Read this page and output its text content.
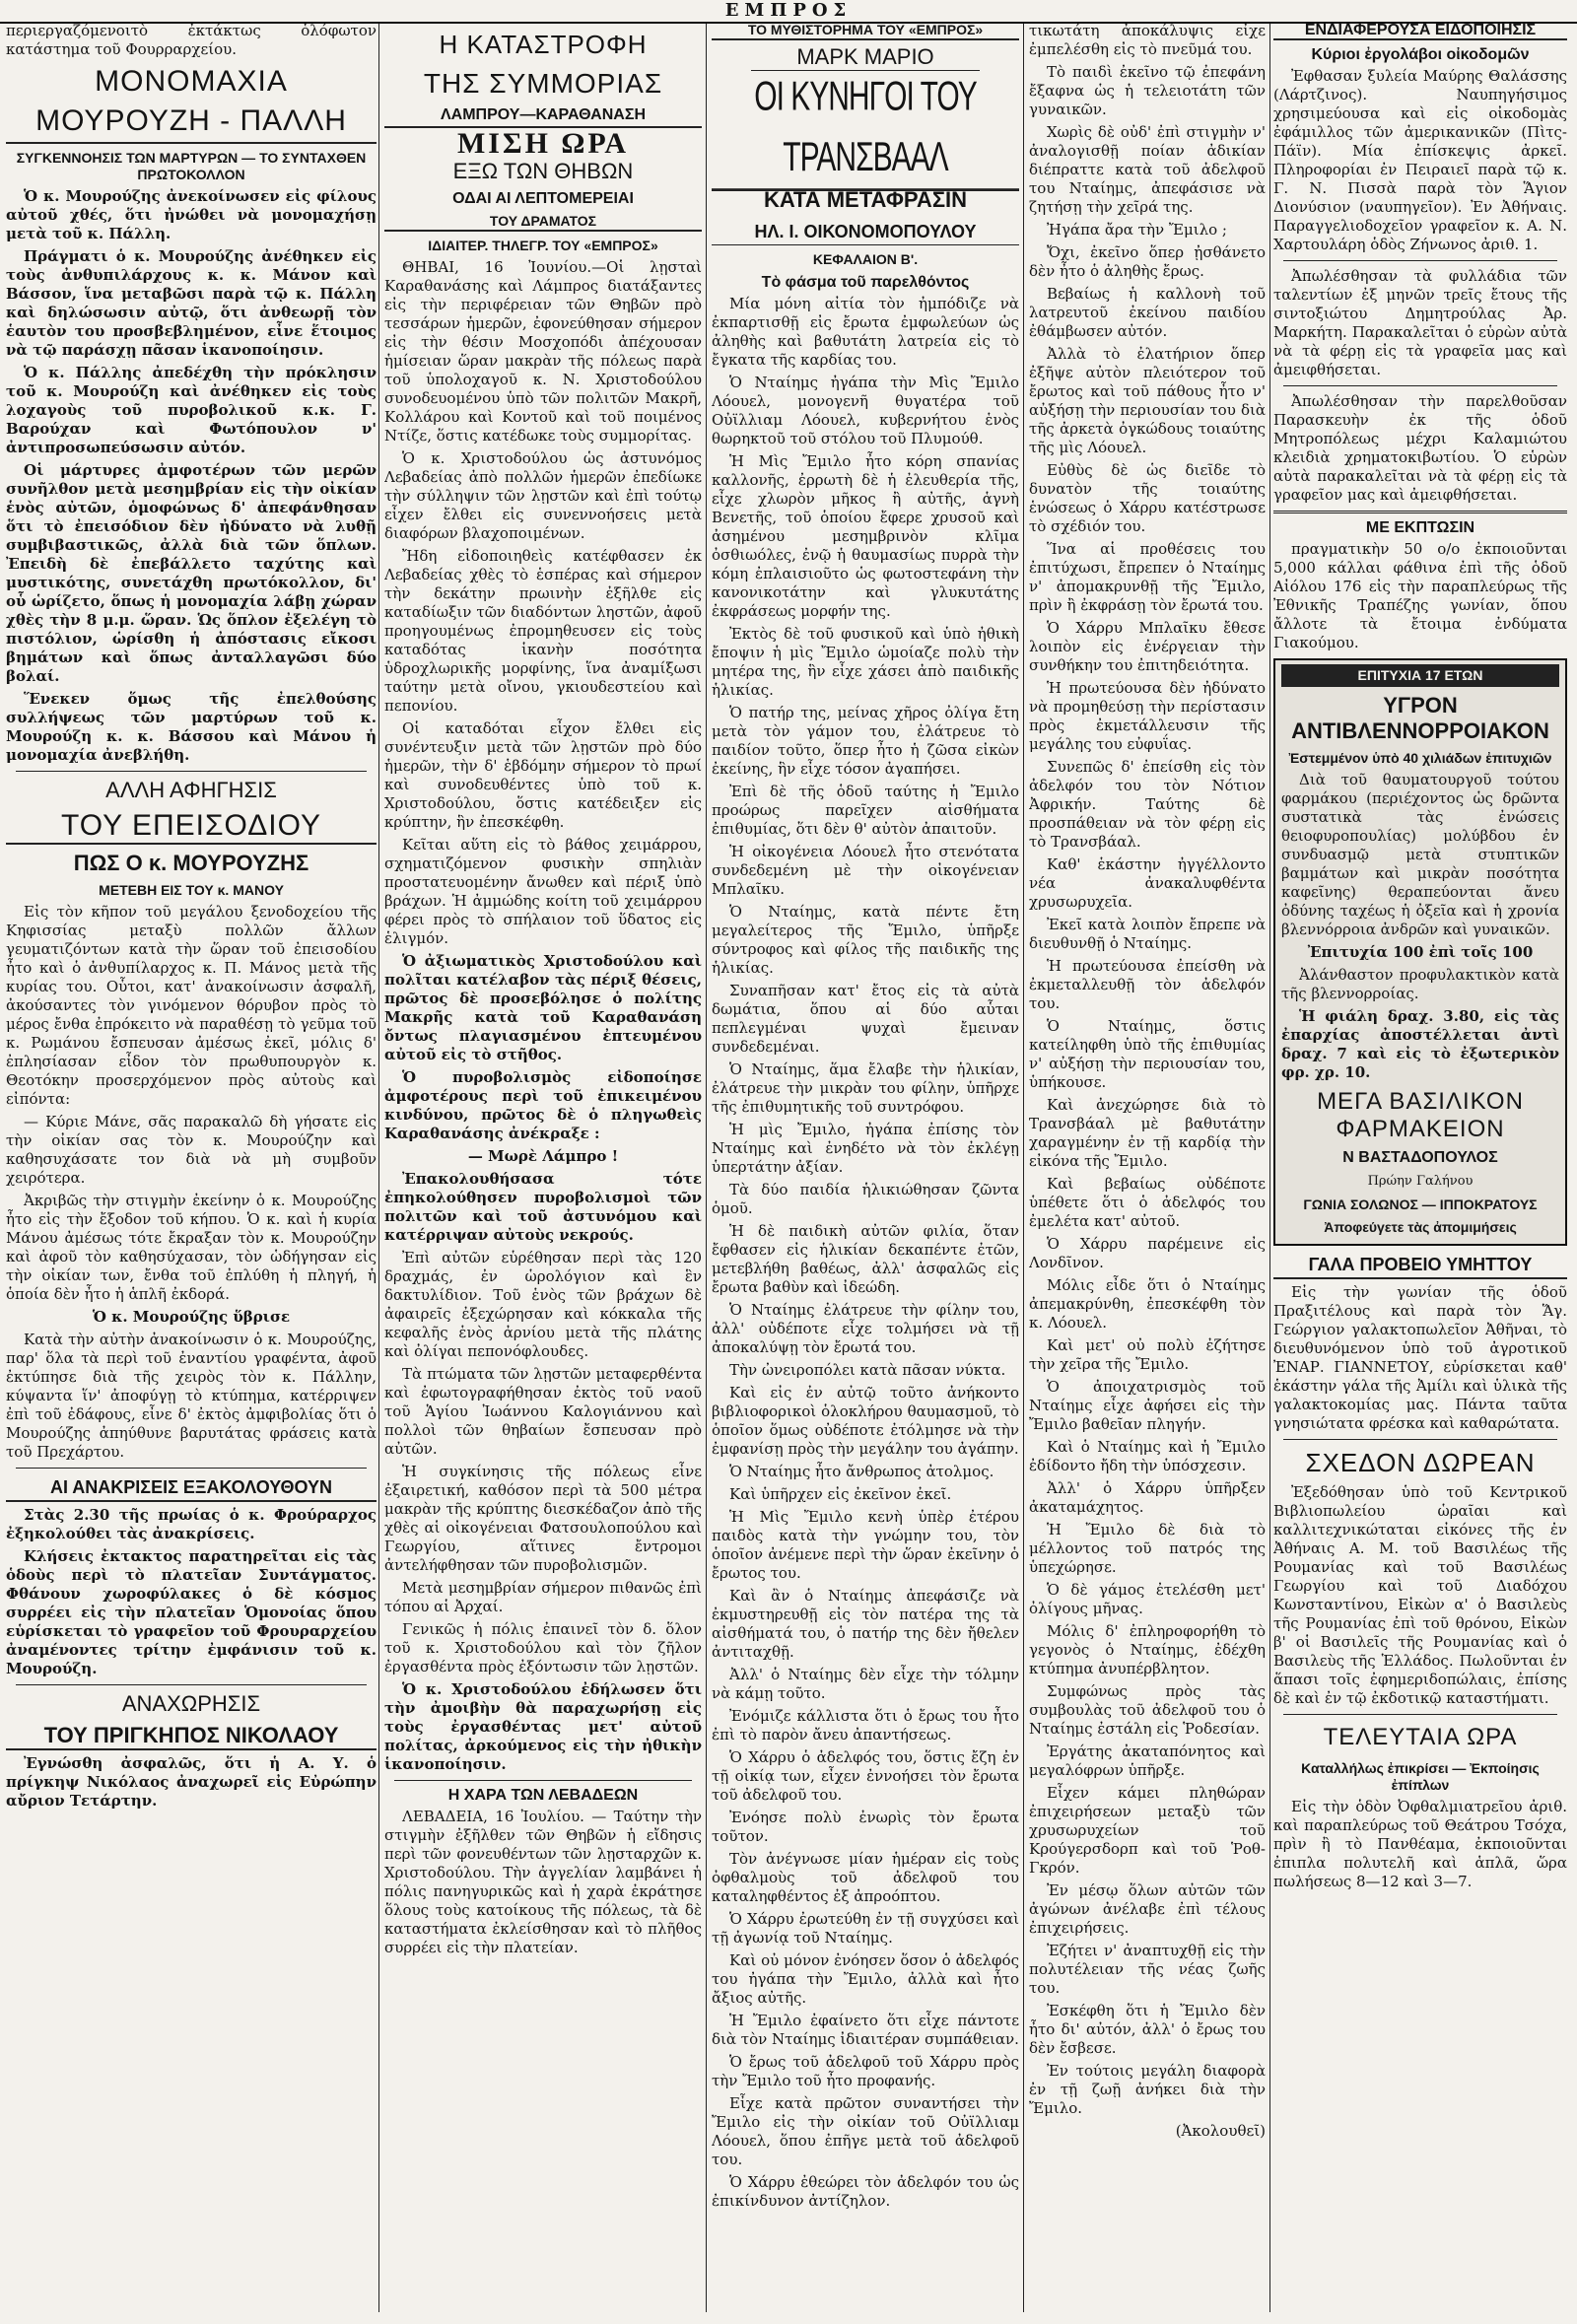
ΕΜΠΡΟΣ

περιεργαζόμενοιτὸ ἐκτάκτως ὁλόφωτον κατάστημα τοῦ Φουρραρχείου.

ΜΟΝΟΜΑΧΙΑ
ΜΟΥΡΟΥΖΗ - ΠΑΛΛΗ
ΣΥΓΚΕΝΝΟΗΣΙΣ ΤΩΝ ΜΑΡΤΥΡΩΝ — ΤΟ ΣΥΝΤΑΧΘΕΝ ΠΡΩΤΟΚΟΛΛΟΝ

Ὁ κ. Μουρούζης ἀνεκοίνωσεν εἰς φίλους αὐτοῦ χθές, ὅτι ἠνώθει νὰ μονομαχήσῃ μετὰ τοῦ κ. Πάλλη.

Πράγματι ὁ κ. Μουρούζης ἀνέθηκεν εἰς τοὺς ἀνθυπιλάρχους κ. κ. Μάνον καὶ Βάσσον, ἵνα μεταβῶσι παρὰ τῷ κ. Πάλλη καὶ δηλώσωσιν αὐτῷ, ὅτι ἀνθεωρῇ τὸν ἑαυτὸν του προσβεβλημένον, εἶνε ἕτοιμος νὰ τῷ παράσχῃ πᾶσαν ἱκανοποίησιν.

Ὁ κ. Πάλλης ἀπεδέχθη τὴν πρόκλησιν τοῦ κ. Μουρούζη καὶ ἀνέθηκεν εἰς τοὺς λοχαγοὺς τοῦ πυροβολικοῦ κ.κ. Γ. Βαρούχαν καὶ Φωτόπουλον ν' ἀντιπροσωπεύσωσιν αὐτόν.

Οἱ μάρτυρες ἀμφοτέρων τῶν μερῶν συνῆλθον μετὰ μεσημβρίαν εἰς τὴν οἰκίαν ἑνὸς αὐτῶν, ὁμοφώνως δ' ἀπεφάνθησαν ὅτι τὸ ἐπεισόδιον δὲν ἠδύνατο νὰ λυθῇ συμβιβαστικῶς, ἀλλὰ διὰ τῶν ὅπλων. Ἐπειδὴ δὲ ἐπεβάλλετο ταχύτης καὶ μυστικότης, συνετάχθη πρωτόκολλον, δι' οὗ ὡρίζετο, ὅπως ἡ μονομαχία λάβῃ χώραν χθὲς τὴν 8 μ.μ. ὥραν. Ὡς ὅπλον ἐξελέγη τὸ πιστόλιον, ὡρίσθη ἡ ἀπόστασις εἴκοσι βημάτων καὶ ὅπως ἀνταλλαγῶσι δύο βολαί.

Ἕνεκεν ὅμως τῆς ἐπελθούσης συλλήψεως τῶν μαρτύρων τοῦ κ. Μουρούζη κ. κ. Βάσσου καὶ Μάνου ἡ μονομαχία ἀνεβλήθη.

ΑΛΛΗ ΑΦΗΓΗΣΙΣ
ΤΟΥ ΕΠΕΙΣΟΔΙΟΥ
ΠΩΣ Ο κ. ΜΟΥΡΟΥΖΗΣ
ΜΕΤΕΒΗ ΕΙΣ ΤΟΥ κ. ΜΑΝΟΥ

Εἰς τὸν κῆπον τοῦ μεγάλου ξενοδοχείου τῆς Κηφισσίας μεταξὺ πολλῶν ἄλλων γευματιζόντων κατὰ τὴν ὥραν τοῦ ἐπεισοδίου ἦτο καὶ ὁ ἀνθυπίλαρχος κ. Π. Μάνος μετὰ τῆς κυρίας του. Οὗτοι, κατ' ἀνακοίνωσιν ἀσφαλῆ, ἀκούσαντες τὸν γινόμενον θόρυβον πρὸς τὸ μέρος ἔνθα ἐπρόκειτο νὰ παραθέσῃ τὸ γεῦμα τοῦ κ. Ρωμάνου ἔσπευσαν ἀμέσως ἐκεῖ, μόλις δ' ἐπλησίασαν εἶδον τὸν πρωθυπουργὸν κ. Θεοτόκην προσερχόμενον πρὸς αὐτοὺς καὶ εἰπόντα:

— Κύριε Μάνε, σᾶς παρακαλῶ δὴ γήσατε εἰς τὴν οἰκίαν σας τὸν κ. Μουρούζην καὶ καθησυχάσατε τον διὰ νὰ μὴ συμβοῦν χειρότερα.

Ἀκριβῶς τὴν στιγμὴν ἐκείνην ὁ κ. Μουρούζης ἦτο εἰς τὴν ἔξοδον τοῦ κήπου. Ὁ κ. καὶ ἡ κυρία Μάνου ἀμέσως τότε ἔκραξαν τὸν κ. Μουρούζην καὶ ἀφοῦ τὸν καθησύχασαν, τὸν ὡδήγησαν εἰς τὴν οἰκίαν των, ἔνθα τοῦ ἐπλύθη ἡ πληγή, ἡ ὁποία δὲν ἦτο ἡ ἁπλῆ ἐκδορά.

Ὁ κ. Μουρούζης ὕβρισε

Κατὰ τὴν αὐτὴν ἀνακοίνωσιν ὁ κ. Μουρούζης, παρ' ὅλα τὰ περὶ τοῦ ἐναντίου γραφέντα, ἀφοῦ ἐκτύπησε διὰ τῆς χειρὸς τὸν κ. Πάλλην, κύψαντα ἵν' ἀποφύγῃ τὸ κτύπημα, κατέρριψεν ἐπὶ τοῦ ἐδάφους, εἶνε δ' ἐκτὸς ἀμφιβολίας ὅτι ὁ Μουρούζης ἀπηύθυνε βαρυτάτας φράσεις κατὰ τοῦ Πρεχάρτου.

ΑΙ ΑΝΑΚΡΙΣΕΙΣ ΕΞΑΚΟΛΟΥΘΟΥΝ

Στὰς 2.30 τῆς πρωίας ὁ κ. Φρούραρχος ἐξηκολούθει τὰς ἀνακρίσεις.

Κλήσεις ἐκτακτος παρατηρεῖται εἰς τὰς ὁδοὺς περὶ τὸ πλατεῖαν Συντάγματος. Φθάνουν χωροφύλακες ὁ δὲ κόσμος συρρέει εἰς τὴν πλατεῖαν Ὁμονοίας ὅπου εὑρίσκεται τὸ γραφεῖον τοῦ Φρουραρχείου ἀναμένοντες τρίτην ἐμφάνισιν τοῦ κ. Μουρούζη.

ΑΝΑΧΩΡΗΣΙΣ
ΤΟΥ ΠΡΙΓΚΗΠΟΣ ΝΙΚΟΛΑΟΥ

Ἐγνώσθη ἀσφαλῶς, ὅτι ἡ Α. Υ. ὁ πρίγκηψ Νικόλαος ἀναχωρεῖ εἰς Εὐρώπην αὔριον Τετάρτην.

Η ΚΑΤΑΣΤΡΟΦΗ
ΤΗΣ ΣΥΜΜΟΡΙΑΣ
ΛΑΜΠΡΟΥ—ΚΑΡΑΘΑΝΑΣΗ
ΜΙΣΗ ΩΡΑ
ΕΞΩ ΤΩΝ ΘΗΒΩΝ
ΟΔΑΙ ΑΙ ΛΕΠΤΟΜΕΡΕΙΑΙ
ΤΟΥ ΔΡΑΜΑΤΟΣ
ΙΔΙΑΙΤΕΡ. ΤΗΛΕΓΡ. ΤΟΥ «ΕΜΠΡΟΣ»

ΘΗΒΑΙ, 16 Ἰουνίου.—Οἱ λῃσταὶ Καραθανάσης καὶ Λάμπρος διατάξαντες εἰς τὴν περιφέρειαν τῶν Θηβῶν πρὸ τεσσάρων ἡμερῶν, ἐφονεύθησαν σήμερον εἰς τὴν θέσιν Μοσχοπόδι ἀπέχουσαν ἡμίσειαν ὥραν μακρὰν τῆς πόλεως παρὰ τοῦ ὑπολοχαγοῦ κ. Ν. Χριστοδούλου συνοδευομένου ὑπὸ τῶν πολιτῶν Μακρῆ, Κολλάρου καὶ Κοντοῦ καὶ τοῦ ποιμένος Ντίζε, ὅστις κατέδωκε τοὺς συμμορίτας.

Ὁ κ. Χριστοδούλου ὡς ἀστυνόμος Λεβαδείας ἀπὸ πολλῶν ἡμερῶν ἐπεδίωκε τὴν σύλληψιν τῶν λῃστῶν καὶ ἐπὶ τούτῳ εἶχεν ἔλθει εἰς συνεννοήσεις μετὰ διαφόρων βλαχοποιμένων.

Ἤδη εἰδοποιηθεὶς κατέφθασεν ἐκ Λεβαδείας χθὲς τὸ ἑσπέρας καὶ σήμερον τὴν δεκάτην πρωινὴν ἐξῆλθε εἰς καταδίωξιν τῶν διαδόντων ληστῶν, ἀφοῦ προηγουμένως ἐπρομηθευσεν εἰς τοὺς καταδότας ἱκανὴν ποσότητα ὑδροχλωρικῆς μορφίνης, ἵνα ἀναμίξωσι ταύτην μετὰ οἴνου, γκιουδεστείου καὶ πεπονίου.

Οἱ καταδόται εἶχον ἔλθει εἰς συνέντευξιν μετὰ τῶν λῃστῶν πρὸ δύο ἡμερῶν, τὴν δ' ἑβδόμην σήμερον τὸ πρωί καὶ συνοδευθέντες ὑπὸ τοῦ κ. Χριστοδούλου, ὅστις κατέδειξεν εἰς κρύπτην, ἣν ἐπεσκέφθη.

Κεῖται αὕτη εἰς τὸ βάθος χειμάρρου, σχηματιζόμενον φυσικὴν σπηλιὰν προστατευομένην ἄνωθεν καὶ πέριξ ὑπὸ βράχων. Ἡ ἀμμώδης κοίτη τοῦ χειμάρρου φέρει πρὸς τὸ σπήλαιον τοῦ ὕδατος εἰς ἑλιγμόν.

Ὁ ἀξιωματικὸς Χριστοδούλου καὶ πολῖται κατέλαβον τὰς πέριξ θέσεις, πρῶτος δὲ προσεβόλησε ὁ πολίτης Μακρῆς κατὰ τοῦ Καραθανάση ὄντως πλαγιασμένου ἐπτευμένου αὐτοῦ εἰς τὸ στῆθος.

Ὁ πυροβολισμὸς εἰδοποίησε ἀμφοτέρους περὶ τοῦ ἐπικειμένου κινδύνου, πρῶτος δὲ ὁ πληγωθεὶς Καραθανάσης ἀνέκραξε :

— Μωρὲ Λάμπρο !

Ἐπακολουθήσασα τότε ἐπηκολούθησεν πυροβολισμοὶ τῶν πολιτῶν καὶ τοῦ ἀστυνόμου καὶ κατέρριψαν αὐτοὺς νεκρούς.

Ἐπὶ αὐτῶν εὑρέθησαν περὶ τὰς 120 δραχμάς, ἐν ὡρολόγιον καὶ ἓν δακτυλίδιον. Τοῦ ἑνὸς τῶν βράχων δὲ ἀφαιρεῖς ἐξεχώρησαν καὶ κόκκαλα τῆς κεφαλῆς ἑνὸς ἀρνίου μετὰ τῆς πλάτης καὶ ὀλίγαι πεπονόφλουδες.

Τὰ πτώματα τῶν λῃστῶν μεταφερθέντα καὶ ἐφωτογραφήθησαν ἐκτὸς τοῦ ναοῦ τοῦ Ἁγίου Ἰωάννου Καλογιάννου καὶ πολλοὶ τῶν θηβαίων ἔσπευσαν πρὸ αὐτῶν.

Ἡ συγκίνησις τῆς πόλεως εἶνε ἐξαιρετική, καθόσον περὶ τὰ 500 μέτρα μακρὰν τῆς κρύπτης διεσκέδαζον ἀπὸ τῆς χθὲς αἱ οἰκογένειαι Φατσουλοπούλου καὶ Γεωργίου, αἵτινες ἔντρομοι ἀντελήφθησαν τῶν πυροβολισμῶν.

Μετὰ μεσημβρίαν σήμερον πιθανῶς ἐπὶ τόπου αἱ Ἀρχαί.

Γενικῶς ἡ πόλις ἐπαινεῖ τὸν δ. ὅλον τοῦ κ. Χριστοδούλου καὶ τὸν ζῆλον ἐργασθέντα πρὸς ἐξόντωσιν τῶν λῃστῶν.

Ὁ κ. Χριστοδούλου ἐδήλωσεν ὅτι τὴν ἀμοιβὴν θὰ παραχωρήσῃ εἰς τοὺς ἐργασθέντας μετ' αὐτοῦ πολίτας, ἀρκούμενος εἰς τὴν ἠθικὴν ἱκανοποίησιν.

Η ΧΑΡΑ ΤΩΝ ΛΕΒΑΔΕΩΝ

ΛΕΒΑΔΕΙΑ, 16 Ἰουλίου. — Ταύτην τὴν στιγμὴν ἐξῆλθεν τῶν Θηβῶν ἡ εἴδησις περὶ τῶν φονευθέντων τῶν λῃσταρχῶν κ. Χριστοδούλου. Τὴν ἀγγελίαν λαμβάνει ἡ πόλις πανηγυρικῶς καὶ ἡ χαρὰ ἐκράτησε ὅλους τοὺς κατοίκους τῆς πόλεως, τὰ δὲ καταστήματα ἐκλείσθησαν καὶ τὸ πλῆθος συρρέει εἰς τὴν πλατείαν.

ΤΟ ΜΥΘΙΣΤΟΡΗΜΑ ΤΟΥ «ΕΜΠΡΟΣ»
ΜΑΡΚ ΜΑΡΙΟ
ΟΙ ΚΥΝΗΓΟΙ ΤΟΥ ΤΡΑΝΣΒΑΑΛ
ΚΑΤΑ ΜΕΤΑΦΡΑΣΙΝ
ΗΛ. Ι. ΟΙΚΟΝΟΜΟΠΟΥΛΟΥ
ΚΕΦΑΛΑΙΟΝ Β'.
Τὸ φάσμα τοῦ παρελθόντος

Μία μόνη αἰτία τὸν ἠμπόδιζε νὰ ἐκπαρτισθῇ εἰς ἔρωτα ἐμφωλεύων ὡς ἀληθὴς καὶ βαθυτάτη λατρεία εἰς τὸ ἔγκατα τῆς καρδίας του.

Ὁ Νταίημς ἠγάπα τὴν Μὶς Ἔμιλο Λόουελ, μονογενῆ θυγατέρα τοῦ Οὐϊλλιαμ Λόουελ, κυβερνήτου ἑνὸς θωρηκτοῦ τοῦ στόλου τοῦ Πλυμούθ.

Ἡ Μὶς Ἔμιλο ἦτο κόρη σπανίας καλλονῆς, ἐρρωτὴ δὲ ἡ ἐλευθερία τῆς, εἶχε χλωρὸν μῆκος ἢ αὐτῆς, ἁγνὴ Βενετῆς, τοῦ ὁποίου ἔφερε χρυσοῦ καὶ ἀσημένου μεσημβρινὸν κλῖμα ὀσθιωόλες, ἐνῷ ἡ θαυμασίως πυρρὰ τὴν κόμη ἐπλαισιοῦτο ὡς φωτοστεφάνη τὴν κανονικοτάτην καὶ γλυκυτάτης ἐκφράσεως μορφήν της.

Ἐκτὸς δὲ τοῦ φυσικοῦ καὶ ὑπὸ ἠθικὴ ἔποψιν ἡ μὶς Ἔμιλο ὡμοίαζε πολὺ τὴν μητέρα της, ἣν εἶχε χάσει ἀπὸ παιδικῆς ἡλικίας.

Ὁ πατήρ της, μείνας χῆρος ὀλίγα ἔτη μετὰ τὸν γάμον του, ἐλάτρευε τὸ παιδίον τοῦτο, ὅπερ ἦτο ἡ ζῶσα εἰκὼν ἐκείνης, ἣν εἶχε τόσον ἀγαπήσει.

Ἐπὶ δὲ τῆς ὁδοῦ ταύτης ἡ Ἔμιλο προώρως παρεῖχεν αἰσθήματα ἐπιθυμίας, ὅτι δὲν θ' αὐτὸν ἀπαιτοῦν.

Ἡ οἰκογένεια Λόουελ ἦτο στενότατα συνδεδεμένη μὲ τὴν οἰκογένειαν Μπλαῖκυ.

Ὁ Νταίημς, κατὰ πέντε ἔτη μεγαλείτερος τῆς Ἔμιλο, ὑπῆρξε σύντροφος καὶ φίλος τῆς παιδικῆς της ἡλικίας.

Συναπῆσαν κατ' ἔτος εἰς τὰ αὐτὰ δωμάτια, ὅπου αἱ δύο αὗται πεπλεγμέναι ψυχαὶ ἔμειναν συνδεδεμέναι.

Ὁ Νταίημς, ἅμα ἔλαβε τὴν ἡλικίαν, ἐλάτρευε τὴν μικρὰν του φίλην, ὑπῆρχε τῆς ἐπιθυμητικῆς τοῦ συντρόφου.

Ἡ μὶς Ἔμιλο, ἠγάπα ἐπίσης τὸν Νταίημς καὶ ἐνηδέτο νὰ τὸν ἐκλέγῃ ὑπερτάτην ἀξίαν.

Τὰ δύο παιδία ἡλικιώθησαν ζῶντα ὁμοῦ.

Ἡ δὲ παιδικὴ αὐτῶν φιλία, ὅταν ἔφθασεν εἰς ἡλικίαν δεκαπέντε ἐτῶν, μετεβλήθη βαθέως, ἀλλ' ἀσφαλῶς εἰς ἔρωτα βαθὺν καὶ ἰδεώδη.

Ὁ Νταίημς ἐλάτρευε τὴν φίλην του, ἀλλ' οὐδέποτε εἶχε τολμήσει νὰ τῇ ἀποκαλύψῃ τὸν ἔρωτά του.

Τὴν ὠνειροπόλει κατὰ πᾶσαν νύκτα.

Καὶ εἰς ἐν αὐτῷ τοῦτο ἀνήκοντο βιβλιοφορικοὶ ὁλοκλήρου θαυμασμοῦ, τὸ ὁποῖον ὅμως οὐδέποτε ἐτόλμησε νὰ τὴν ἐμφανίσῃ πρὸς τὴν μεγάλην του ἀγάπην.

Ὁ Νταίημς ἦτο ἄνθρωπος ἀτολμος.

Καὶ ὑπῆρχεν εἰς ἐκεῖνον ἐκεῖ.

Ἡ Μὶς Ἔμιλο κενὴ ὑπὲρ ἐτέρου παιδὸς κατὰ τὴν γνώμην του, τὸν ὁποῖον ἀνέμενε περὶ τὴν ὥραν ἐκεῖνην ὁ ἔρωτος του.

Καὶ ἂν ὁ Νταίημς ἀπεφάσιζε νὰ ἐκμυστηρευθῇ εἰς τὸν πατέρα της τὰ αἰσθήματά του, ὁ πατήρ της δὲν ἤθελεν ἀντιταχθῇ.

Ἀλλ' ὁ Νταίημς δὲν εἶχε τὴν τόλμην νὰ κάμῃ τοῦτο.

Ἐνόμιζε κάλλιστα ὅτι ὁ ἔρως του ἦτο ἐπὶ τὸ παρὸν ἄνευ ἀπαντήσεως.

Ὁ Χάρρυ ὁ ἀδελφός του, ὅστις ἔζη ἐν τῇ οἰκίᾳ των, εἶχεν ἐννοήσει τὸν ἔρωτα τοῦ ἀδελφοῦ του.

Ἐνόησε πολὺ ἐνωρὶς τὸν ἔρωτα τοῦτον.

Τὸν ἀνέγνωσε μίαν ἡμέραν εἰς τοὺς ὀφθαλμοὺς τοῦ ἀδελφοῦ του καταληφθέντος ἐξ ἀπροόπτου.

Ὁ Χάρρυ ἐρωτεύθη ἐν τῇ συγχύσει καὶ τῇ ἀγωνίᾳ τοῦ Νταίημς.

Καὶ οὐ μόνον ἐνόησεν ὅσον ὁ ἀδελφός του ἠγάπα τὴν Ἔμιλο, ἀλλὰ καὶ ἦτο ἄξιος αὐτῆς.

Ἡ Ἔμιλο ἐφαίνετο ὅτι εἶχε πάντοτε διὰ τὸν Νταίημς ἰδιαιτέραν συμπάθειαν.

Ὁ ἔρως τοῦ ἀδελφοῦ τοῦ Χάρρυ πρὸς τὴν Ἔμιλο τοῦ ἦτο προφανής.

Εἶχε κατὰ πρῶτον συναντήσει τὴν Ἔμιλο εἰς τὴν οἰκίαν τοῦ Οὐϊλλιαμ Λόουελ, ὅπου ἐπῆγε μετὰ τοῦ ἀδελφοῦ του.

Ὁ Χάρρυ ἐθεώρει τὸν ἀδελφόν του ὡς ἐπικίνδυνον ἀντίζηλον.

τικωτάτη ἀποκάλυψις εἶχε ἐμπελέσθη εἰς τὸ πνεῦμά του.

Τὸ παιδὶ ἐκεῖνο τῷ ἐπεφάνη ἔξαφνα ὡς ἡ τελειοτάτη τῶν γυναικῶν.

Χωρὶς δὲ οὐδ' ἐπὶ στιγμὴν ν' ἀναλογισθῇ ποίαν ἀδικίαν διέπραττε κατὰ τοῦ ἀδελφοῦ του Νταίημς, ἀπεφάσισε νὰ ζητήσῃ τὴν χεῖρά της.

Ἠγάπα ἄρα τὴν Ἔμιλο ;

Ὄχι, ἐκεῖνο ὅπερ ᾐσθάνετο δὲν ἦτο ὁ ἀληθὴς ἔρως.

Βεβαίως ἡ καλλονὴ τοῦ λατρευτοῦ ἐκείνου παιδίου ἐθάμβωσεν αὐτόν.

Ἀλλὰ τὸ ἐλατήριον ὅπερ ἐξῆψε αὐτὸν πλειότερον τοῦ ἔρωτος καὶ τοῦ πάθους ἦτο ν' αὐξήσῃ τὴν περιουσίαν του διὰ τῆς ἀρκετὰ ὀγκώδους τοιαύτης τῆς μὶς Λόουελ.

Εὐθὺς δὲ ὡς διεῖδε τὸ δυνατὸν τῆς τοιαύτης ἑνώσεως ὁ Χάρρυ κατέστρωσε τὸ σχέδιόν του.

Ἵνα αἱ προθέσεις του ἐπιτύχωσι, ἔπρεπεν ὁ Νταίημς ν' ἀπομακρυνθῇ τῆς Ἔμιλο, πρὶν ἢ ἐκφράσῃ τὸν ἔρωτά του.

Ὁ Χάρρυ Μπλαῖκυ ἔθεσε λοιπὸν εἰς ἐνέργειαν τὴν συνθήκην του ἐπιτηδειότητα.

Ἡ πρωτεύουσα δὲν ἠδύνατο νὰ προμηθεύσῃ τὴν περίστασιν πρὸς ἐκμετάλλευσιν τῆς μεγάλης του εὐφυΐας.

Συνεπῶς δ' ἐπείσθη εἰς τὸν ἀδελφόν του τὸν Νότιον Ἀφρικήν. Ταύτης δὲ προσπάθειαν νὰ τὸν φέρῃ εἰς τὸ Τρανσβάαλ.

Καθ' ἑκάστην ἠγγέλλοντο νέα ἀνακαλυφθέντα χρυσωρυχεῖα.

Ἐκεῖ κατὰ λοιπὸν ἔπρεπε νὰ διευθυνθῇ ὁ Νταίημς.

Ἡ πρωτεύουσα ἐπείσθη νὰ ἐκμεταλλευθῇ τὸν ἀδελφόν του.

Ὁ Νταίημς, ὅστις κατείληφθη ὑπὸ τῆς ἐπιθυμίας ν' αὐξήσῃ τὴν περιουσίαν του, ὑπήκουσε.

Καὶ ἀνεχώρησε διὰ τὸ Τρανσβάαλ μὲ βαθυτάτην χαραγμένην ἐν τῇ καρδίᾳ τὴν εἰκόνα τῆς Ἔμιλο.

Καὶ βεβαίως οὐδέποτε ὑπέθετε ὅτι ὁ ἀδελφός του ἐμελέτα κατ' αὐτοῦ.

Ὁ Χάρρυ παρέμεινε εἰς Λονδῖνον.

Μόλις εἶδε ὅτι ὁ Νταίημς ἀπεμακρύνθη, ἐπεσκέφθη τὸν κ. Λόουελ.

Καὶ μετ' οὐ πολὺ ἐζήτησε τὴν χεῖρα τῆς Ἔμιλο.

Ὁ ἀποιχατρισμὸς τοῦ Νταίημς εἶχε ἀφήσει εἰς τὴν Ἔμιλο βαθεῖαν πληγήν.

Καὶ ὁ Νταίημς καὶ ἡ Ἔμιλο ἐδίδοντο ἤδη τὴν ὑπόσχεσιν.

Ἀλλ' ὁ Χάρρυ ὑπῆρξεν ἀκαταμάχητος.

Ἡ Ἔμιλο δὲ διὰ τὸ μέλλοντος τοῦ πατρός της ὑπεχώρησε.

Ὁ δὲ γάμος ἐτελέσθη μετ' ὀλίγους μῆνας.

Μόλις δ' ἐπληροφορήθη τὸ γεγονὸς ὁ Νταίημς, ἐδέχθη κτύπημα ἀνυπέρβλητον.

Συμφώνως πρὸς τὰς συμβουλὰς τοῦ ἀδελφοῦ του ὁ Νταίημς ἐστάλη εἰς Ῥοδεσίαν.

Ἐργάτης ἀκαταπόνητος καὶ μεγαλόφρων ὑπῆρξε.

Εἶχεν κάμει πληθώραν ἐπιχειρήσεων μεταξὺ τῶν χρυσωρυχείων τοῦ Κρούγερσδορπ καὶ τοῦ Ῥοθ-Γκρόν.

Ἐν μέσῳ ὅλων αὐτῶν τῶν ἀγώνων ἀνέλαβε ἐπὶ τέλους ἐπιχειρήσεις.

Ἐζήτει ν' ἀναπτυχθῇ εἰς τὴν πολυτέλειαν τῆς νέας ζωῆς του.

Ἐσκέφθη ὅτι ἡ Ἔμιλο δὲν ἦτο δι' αὐτόν, ἀλλ' ὁ ἔρως του δὲν ἔσβεσε.

Ἐν τούτοις μεγάλη διαφορὰ ἐν τῇ ζωῇ ἀνήκει διὰ τὴν Ἔμιλο.

(Ἀκολουθεῖ)

ΕΝΔΙΑΦΕΡΟΥΣΑ ΕΙΔΟΠΟΙΗΣΙΣ
Κύριοι ἐργολάβοι οἰκοδομῶν

Ἐφθασαν ξυλεία Μαύρης Θαλάσσης (Λάρτζινος). Ναυπηγήσιμος χρησιμεύουσα καὶ εἰς οἰκοδομὰς ἐφάμιλλος τῶν ἀμερικανικῶν (Πὶτς-Πάϊν). Μία ἐπίσκεψις ἀρκεῖ. Πληροφορίαι ἐν Πειραιεῖ παρὰ τῷ κ. Γ. Ν. Πισσὰ παρὰ τὸν Ἅγιον Διονύσιον (ναυπηγεῖον). Ἐν Ἀθήναις. Παραγγελιοδοχεῖον γραφεῖον κ. Α. Ν. Χαρτουλάρη ὁδὸς Ζήνωνος ἀριθ. 1.

Ἀπωλέσθησαν τὰ φυλλάδια τῶν ταλεντίων ἐξ μηνῶν τρεῖς ἔτους τῆς σιντοξιώτου Δημητρούλας Ἀρ. Μαρκήτη. Παρακαλεῖται ὁ εὑρὼν αὐτὰ νὰ τὰ φέρῃ εἰς τὰ γραφεῖα μας καὶ ἀμειφθήσεται.

Ἀπωλέσθησαν τὴν παρελθοῦσαν Παρασκευὴν ἐκ τῆς ὁδοῦ Μητροπόλεως μέχρι Καλαμιώτου κλειδιὰ χρηματοκιβωτίου. Ὁ εὑρὼν αὐτὰ παρακαλεῖται νὰ τὰ φέρῃ εἰς τὰ γραφεῖον μας καὶ ἀμειφθήσεται.

ΜΕ ΕΚΠΤΩΣΙΝ

πραγματικὴν 50 ο/ο ἐκποιοῦνται 5,000 κάλλαι φάθινα ἐπὶ τῆς ὁδοῦ Αἰόλου 176 εἰς τὴν παραπλεύρως τῆς Ἐθνικῆς Τραπέζης γωνίαν, ὅπου ἄλλοτε τὰ ἔτοιμα ἐνδύματα Γιακούμου.

ΕΠΙΤΥΧΙΑ 17 ΕΤΩΝ
ΥΓΡΟΝ ΑΝΤΙΒΛΕΝΝΟΡΡΟΙΑΚΟΝ
Ἐστεμμένον ὑπὸ 40 χιλιάδων ἐπιτυχιῶν

Διὰ τοῦ θαυματουργοῦ τούτου φαρμάκου (περιέχοντος ὡς δρῶντα συστατικὰ τὰς ἐνώσεις θειοφυροπουλίας) μολύβδου ἐν συνδυασμῷ μετὰ στυπτικῶν βαμμάτων καὶ μικρὰν ποσότητα καφεῖνης) θεραπεύονται ἄνευ ὀδύνης ταχέως ἡ ὀξεῖα καὶ ἡ χρονία βλεννόρροια ἀνδρῶν καὶ γυναικῶν.

Ἐπιτυχία 100 ἐπὶ τοῖς 100

Ἀλάνθαστον προφυλακτικὸν κατὰ τῆς βλεννορροίας.

Ἡ φιάλη δραχ. 3.80, εἰς τὰς ἐπαρχίας ἀποστέλλεται ἀντὶ δραχ. 7 καὶ εἰς τὸ ἐξωτερικὸν φρ. χρ. 10.

ΜΕΓΑ ΒΑΣΙΛΙΚΟΝ ΦΑΡΜΑΚΕΙΟΝ
Ν ΒΑΣΤΑΔΟΠΟΥΛΟΣ
Πρώην Γαλήνου
ΓΩΝΙΑ ΣΟΛΩΝΟΣ — ΙΠΠΟΚΡΑΤΟΥΣ
Ἀποφεύγετε τὰς ἀπομιμήσεις
ΓΑΛΑ ΠΡΟΒΕΙΟ ΥΜΗΤΤΟΥ

Εἰς τὴν γωνίαν τῆς ὁδοῦ Πραξιτέλους καὶ παρὰ τὸν Ἅγ. Γεώργιον γαλακτοπωλεῖον Ἀθῆναι, τὸ διευθυνόμενον ὑπὸ τοῦ ἀγροτικοῦ ἘΝΑΡ. ΓΙΑΝΝΕΤΟΥ, εὑρίσκεται καθ' ἑκάστην γάλα τῆς Ἀμίλι καὶ ὑλικὰ τῆς γαλακτοκομίας μας. Πάντα ταῦτα γνησιώτατα φρέσκα καὶ καθαρώτατα.

ΣΧΕΔΟΝ ΔΩΡΕΑΝ

Ἐξεδόθησαν ὑπὸ τοῦ Κεντρικοῦ Βιβλιοπωλείου ὡραῖαι καὶ καλλιτεχνικώταται εἰκόνες τῆς ἐν Ἀθήναις Α. Μ. τοῦ Βασιλέως τῆς Ρουμανίας καὶ τοῦ Βασιλέως Γεωργίου καὶ τοῦ Διαδόχου Κωνσταντίνου, Εἰκὼν α' ὁ Βασιλεὺς τῆς Ρουμανίας ἐπὶ τοῦ θρόνου, Εἰκὼν β' οἱ Βασιλεῖς τῆς Ρουμανίας καὶ ὁ Βασιλεὺς τῆς Ἑλλάδος. Πωλοῦνται ἐν ἅπασι τοῖς ἐφημεριδοπώλαις, ἐπίσης δὲ καὶ ἐν τῷ ἐκδοτικῷ καταστήματι.

ΤΕΛΕΥΤΑΙΑ ΩΡΑ
Καταλλήλως ἐπικρίσει — Ἐκποίησις ἐπίπλων

Εἰς τὴν ὁδὸν Ὀφθαλμιατρεῖου ἀριθ. καὶ παραπλεύρως τοῦ Θεάτρου Τσόχα, πρὶν ἢ τὸ Πανθέαμα, ἐκποιοῦνται ἐπιπλα πολυτελῆ καὶ ἁπλᾶ, ὥρα πωλήσεως 8—12 καὶ 3—7.
